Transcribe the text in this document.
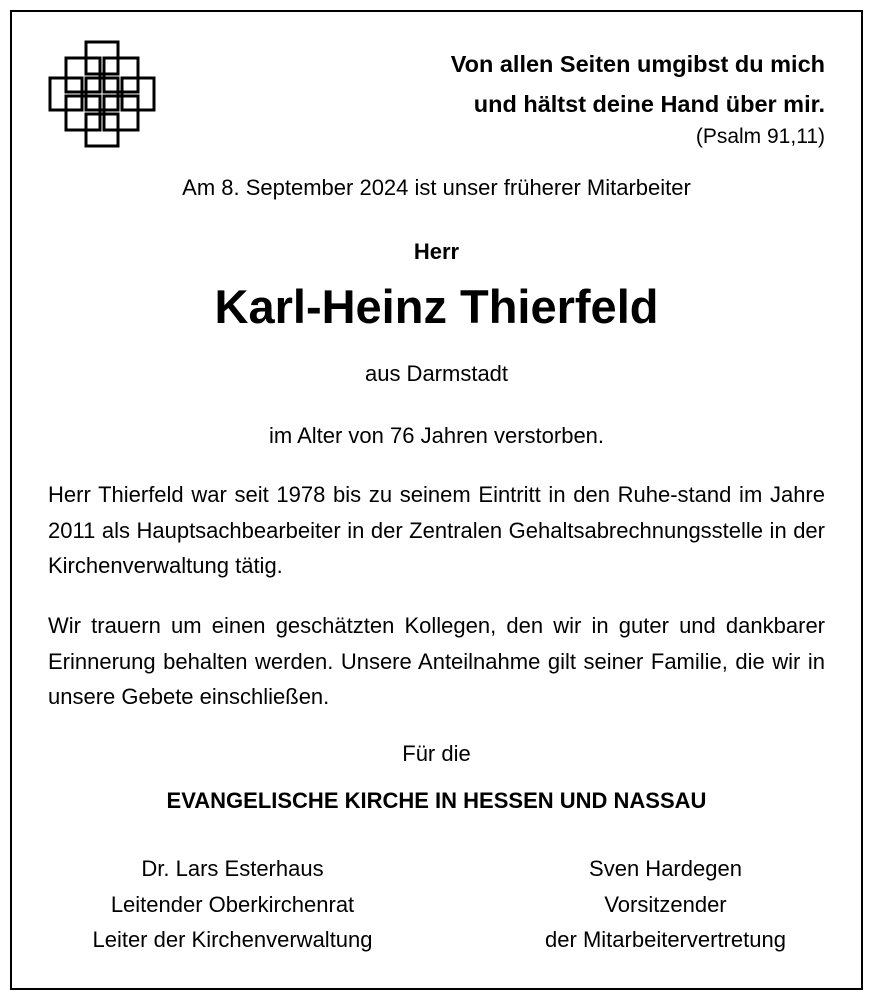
Von allen Seiten umgibst du mich
und hältst deine Hand über mir.
(Psalm 91,11)
Am 8. September 2024 ist unser früherer Mitarbeiter
Herr
Karl-Heinz Thierfeld
aus Darmstadt
im Alter von 76 Jahren verstorben.
Herr Thierfeld war seit 1978 bis zu seinem Eintritt in den Ruhe-stand im Jahre 2011 als Hauptsachbearbeiter in der Zentralen Gehaltsabrechnungsstelle in der Kirchenverwaltung tätig.
Wir trauern um einen geschätzten Kollegen, den wir in guter und dankbarer Erinnerung behalten werden. Unsere Anteilnahme gilt seiner Familie, die wir in unsere Gebete einschließen.
Für die
EVANGELISCHE KIRCHE IN HESSEN UND NASSAU
Dr. Lars Esterhaus
Leitender Oberkirchenrat
Leiter der Kirchenverwaltung
Sven Hardegen
Vorsitzender
der Mitarbeitervertretung
